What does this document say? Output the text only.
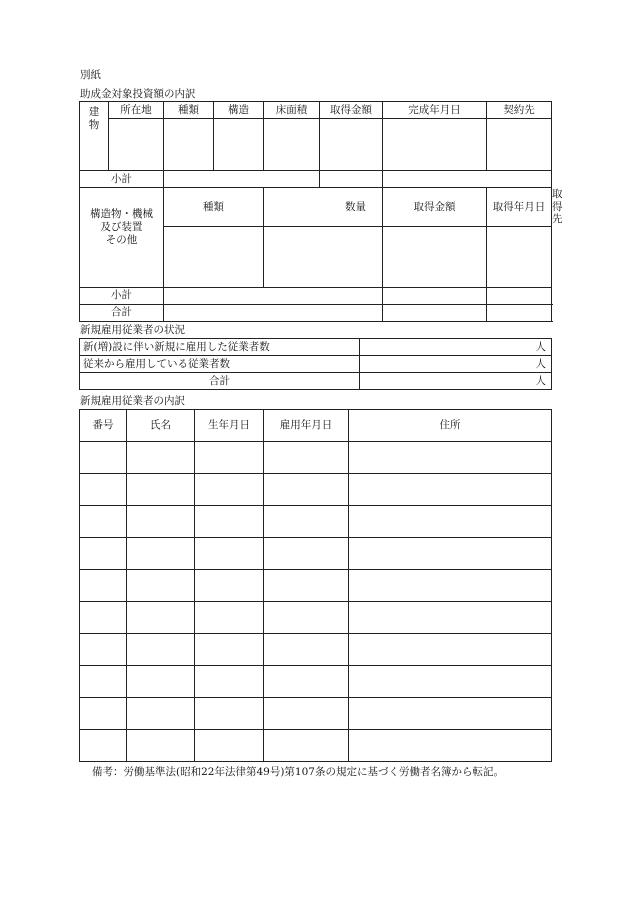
別紙
助成金対象投資額の内訳
建
物	所在地	種類	構造	床面積	取得金額	完成年月日	契約先	

小計								
構造物・機械
及び装置
その他		種類		数量		取得金額	取得年月日	取得先

小計								
合計								
新規雇用従業者の状況
新(増)設に伴い新規に雇用した従業者数	人
従来から雇用している従業者数	人
合計	人
新規雇用従業者の内訳
番号	氏名	生年月日	雇用年月日	住所

備考：労働基準法(昭和22年法律第49号)第107条の規定に基づく労働者名簿から転記。
